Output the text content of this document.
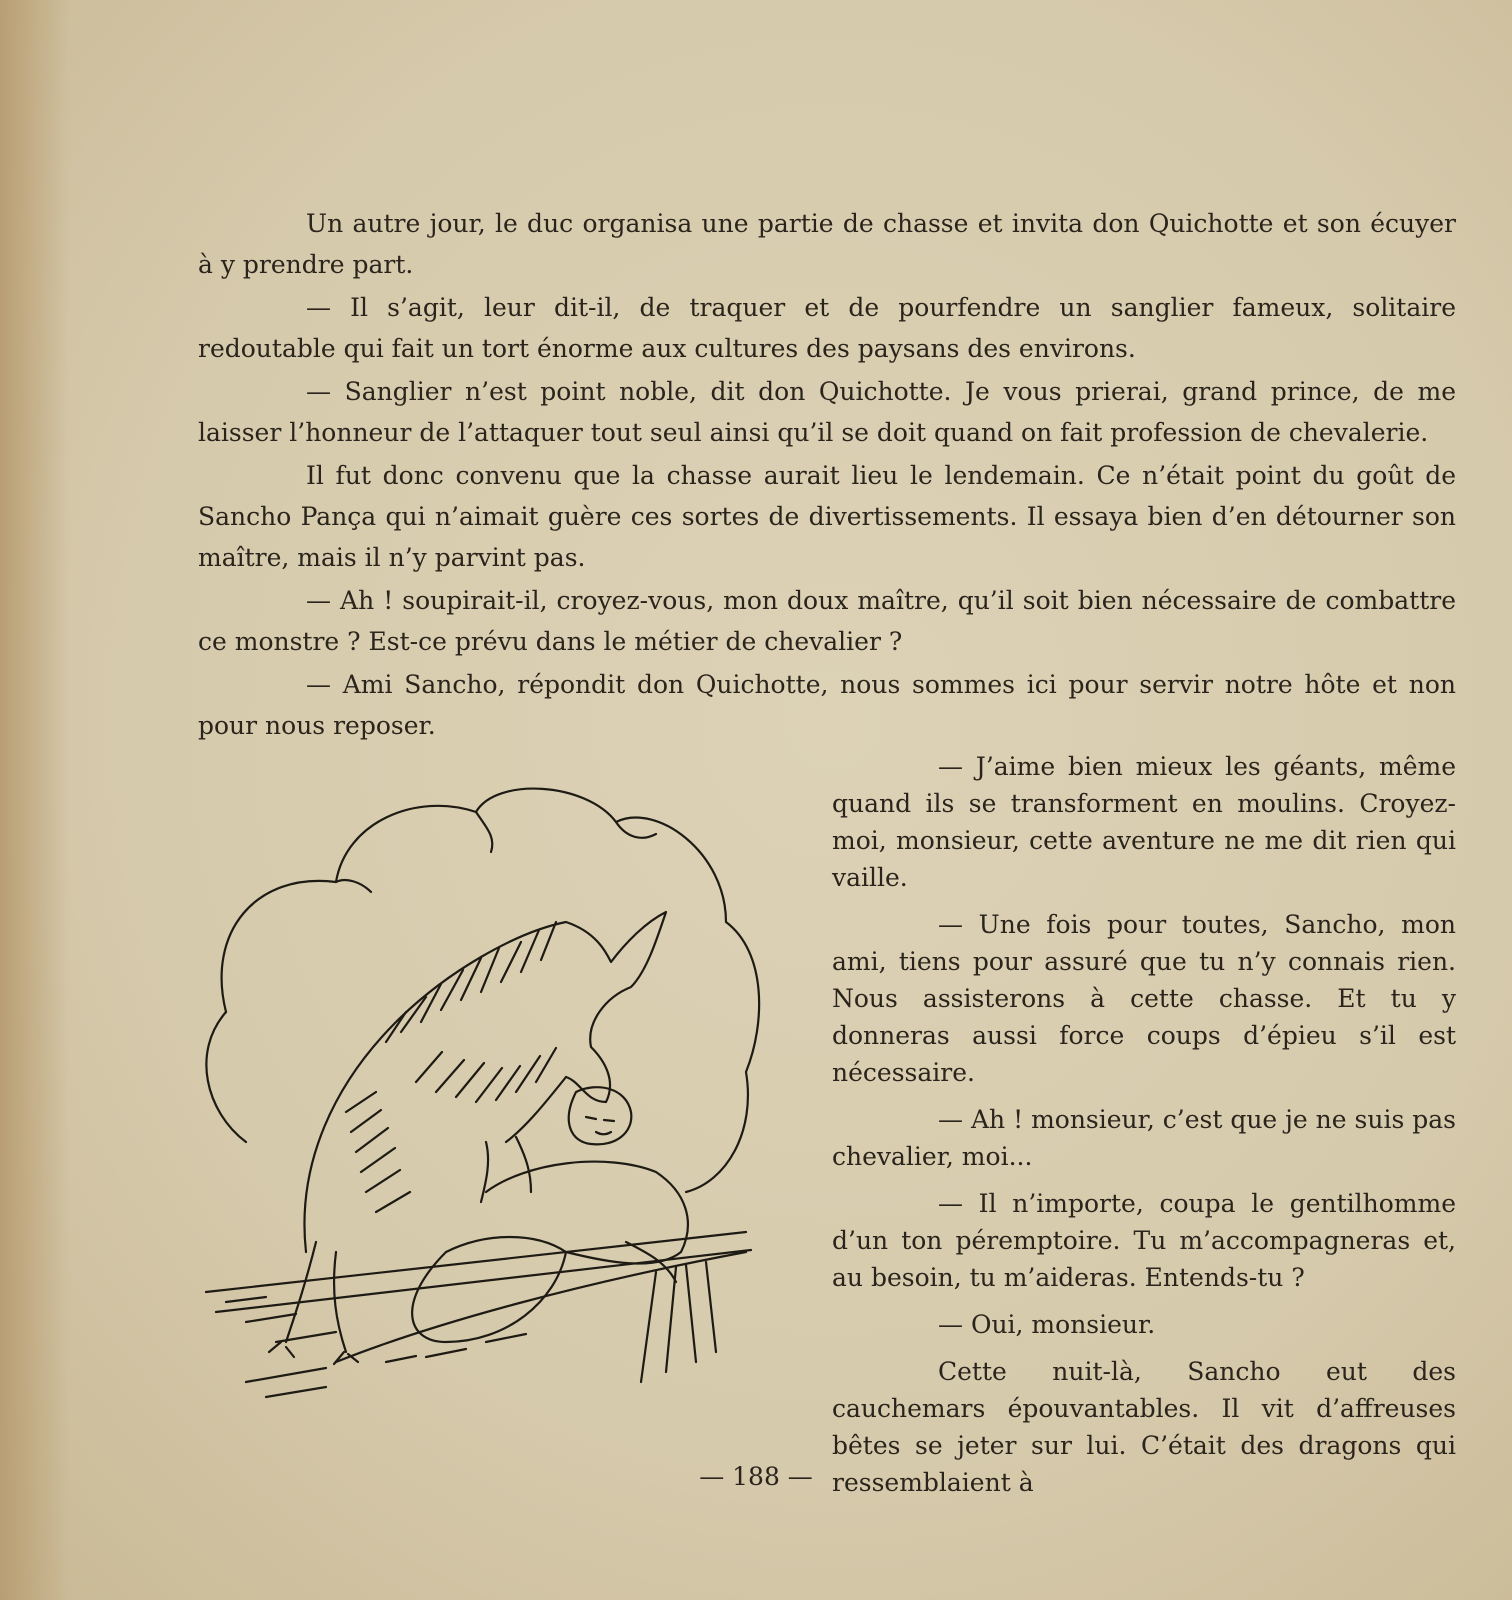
Un autre jour, le duc organisa une partie de chasse et invita don Quichotte et son écuyer à y prendre part.

— Il s’agit, leur dit-il, de traquer et de pourfendre un sanglier fameux, solitaire redoutable qui fait un tort énorme aux cultures des paysans des environs.

— Sanglier n’est point noble, dit don Quichotte. Je vous prierai, grand prince, de me laisser l’honneur de l’attaquer tout seul ainsi qu’il se doit quand on fait profession de chevalerie.

Il fut donc convenu que la chasse aurait lieu le lendemain. Ce n’était point du goût de Sancho Pança qui n’aimait guère ces sortes de divertissements. Il essaya bien d’en détourner son maître, mais il n’y parvint pas.

— Ah ! soupirait-il, croyez-vous, mon doux maître, qu’il soit bien nécessaire de combattre ce monstre ? Est-ce prévu dans le métier de chevalier ?

— Ami Sancho, répondit don Quichotte, nous sommes ici pour servir notre hôte et non pour nous reposer.

— J’aime bien mieux les géants, même quand ils se transforment en moulins. Croyez-moi, monsieur, cette aventure ne me dit rien qui vaille.

— Une fois pour toutes, Sancho, mon ami, tiens pour assuré que tu n’y connais rien. Nous assisterons à cette chasse. Et tu y donneras aussi force coups d’épieu s’il est nécessaire.

— Ah ! monsieur, c’est que je ne suis pas chevalier, moi...

— Il n’importe, coupa le gentilhomme d’un ton péremptoire. Tu m’accompagneras et, au besoin, tu m’aideras. Entends-tu ?

— Oui, monsieur.

Cette nuit-là, Sancho eut des cauchemars épouvantables. Il vit d’affreuses bêtes se jeter sur lui. C’était des dragons qui ressemblaient à

— 188 —
